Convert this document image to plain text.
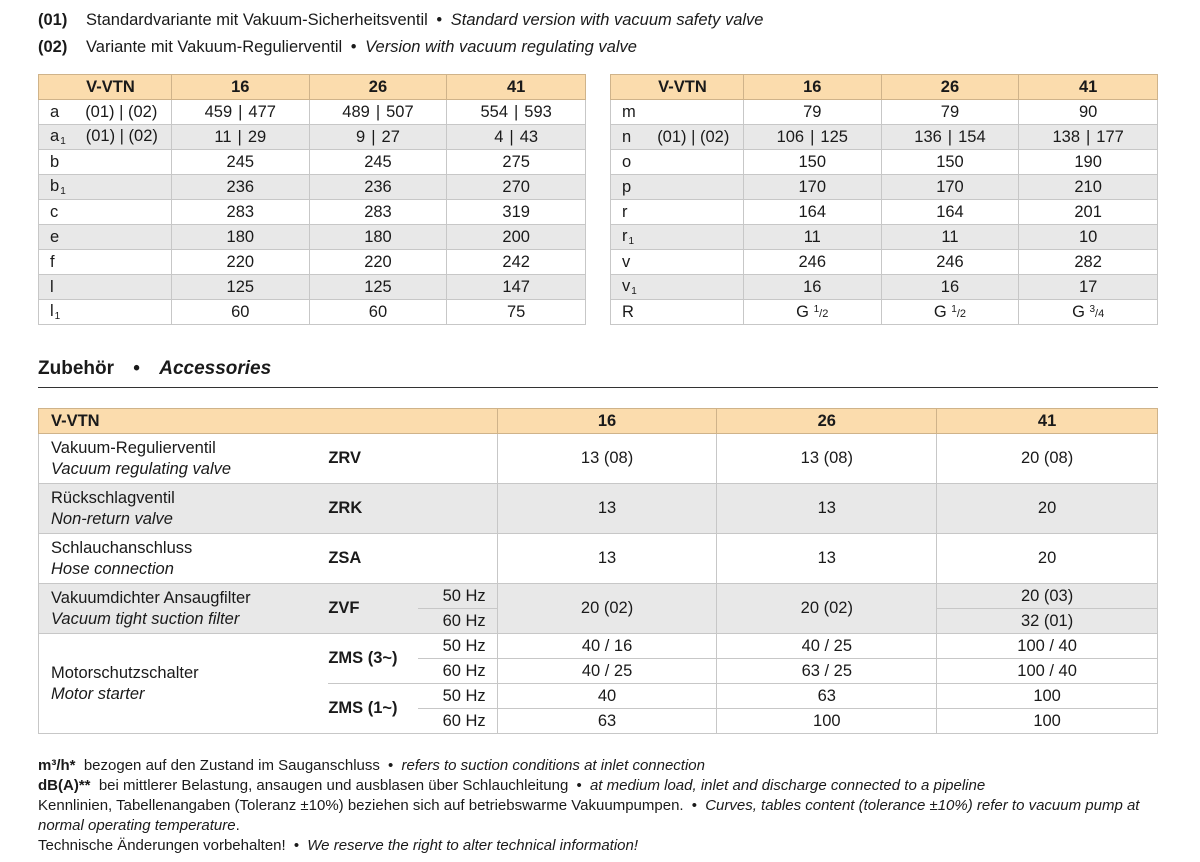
(01) Standardvariante mit Vakuum-Sicherheitsventil • Standard version with vacuum safety valve
(02) Variante mit Vakuum-Regulierventil • Version with vacuum regulating valve
V-VTN	16	26	41
a (01) | (02)	459 | 477	489 | 507	554 | 593
$a_1$ (01) | (02)	11 | 29	9 | 27	4 | 43
b	245	245	275
$b_1$	236	236	270
c	283	283	319
e	180	180	200
f	220	220	242
l	125	125	147
$l_1$	60	60	75
V-VTN	16	26	41
m	79	79	90
n (01) | (02)	106 | 125	136 | 154	138 | 177
o	150	150	190
p	170	170	210
r	164	164	201
$r_1$	11	11	10
v	246	246	282
$v_1$	16	16	17
R	G $^1$/2	G $^1$/2	G $^3$/4
Zubehör • Accessories
V-VTN			16	26	41

Vakuum-Regulierventil
Vacuum regulating valve	ZRV		13 (08)	13 (08)	20 (08)

Rückschlagventil
Non-return valve	ZRK		13	13	20

Schlauchanschluss
Hose connection	ZSA		13	13	20

Vakuumdichter Ansaugfilter
Vacuum tight suction filter	ZVF	50 Hz	20 (02)	20 (02)	20 (03)
		60 Hz			32 (01)

Motorschutzschalter
Motor starter	ZMS (3~)	50 Hz	40 / 16	40 / 25	100 / 40
		60 Hz	40 / 25	63 / 25	100 / 40
	ZMS (1~)	50 Hz	40	63	100
		60 Hz	63	100	100

m³/h* bezogen auf den Zustand im Sauganschluss • refers to suction conditions at inlet connection

dB(A)** bei mittlerer Belastung, ansaugen und ausblasen über Schlauchleitung • at medium load, inlet and discharge connected to a pipeline

Kennlinien, Tabellenangaben (Toleranz ±10%) beziehen sich auf betriebswarme Vakuumpumpen. • Curves, tables content (tolerance ±10%) refer to vacuum pump at normal operating temperature.

Technische Änderungen vorbehalten! • We reserve the right to alter technical information!
